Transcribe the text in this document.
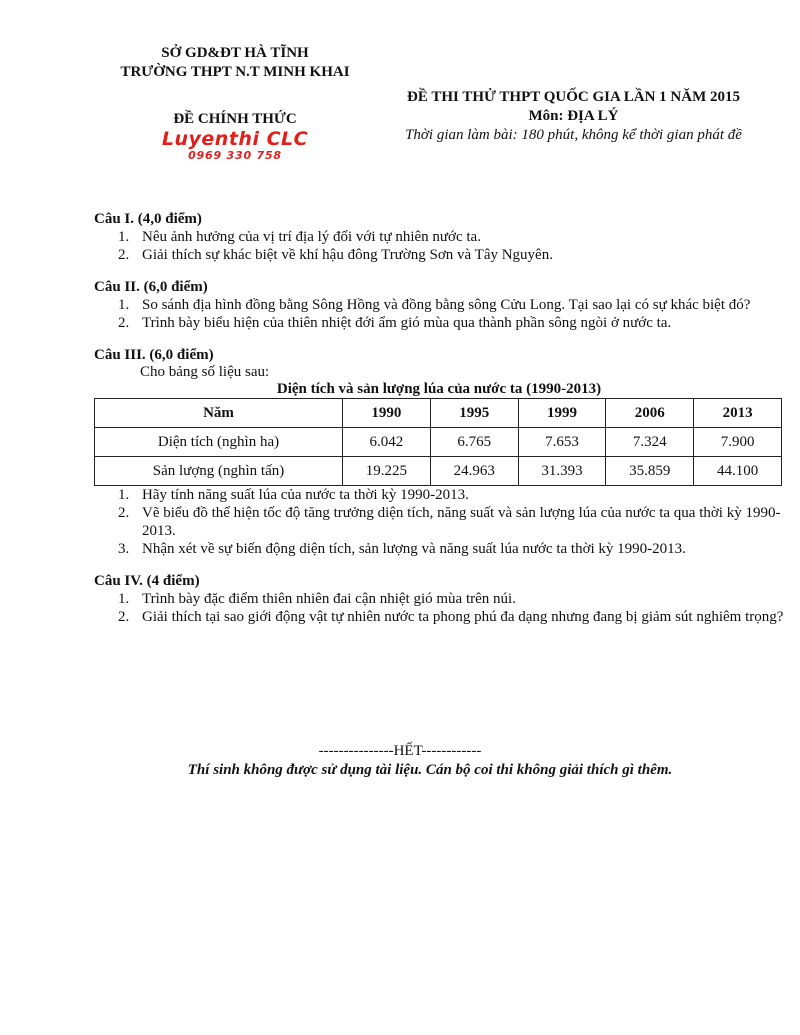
SỞ GD&ĐT HÀ TĨNH
TRƯỜNG THPT N.T MINH KHAI
ĐỀ CHÍNH THỨC
Luyenthi CLC
0969 330 758
ĐỀ THI THỬ THPT QUỐC GIA LẦN 1 NĂM 2015
Môn: ĐỊA LÝ
Thời gian làm bài: 180 phút, không kể thời gian phát đề
Câu I. (4,0 điểm)
1. Nêu ảnh hưởng của vị trí địa lý đối với tự nhiên nước ta.
2. Giải thích sự khác biệt về khí hậu đông Trường Sơn và Tây Nguyên.
Câu II. (6,0 điểm)
1. So sánh địa hình đồng bằng Sông Hồng và đồng bằng sông Cửu Long. Tại sao lại có sự khác biệt đó?
2. Trình bày biểu hiện của thiên nhiệt đới ẩm gió mùa qua thành phần sông ngòi ở nước ta.
Câu III. (6,0 điểm)
Cho bảng số liệu sau:
Diện tích và sản lượng lúa của nước ta (1990-2013)
Năm	1990	1995	1999	2006	2013
Diện tích (nghìn ha)	6.042	6.765	7.653	7.324	7.900
Sản lượng (nghìn tấn)	19.225	24.963	31.393	35.859	44.100
1. Hãy tính năng suất lúa của nước ta thời kỳ 1990-2013.
2. Vẽ biểu đồ thể hiện tốc độ tăng trưởng diện tích, năng suất và sản lượng lúa của nước ta qua thời kỳ 1990-2013.
3. Nhận xét về sự biến động diện tích, sản lượng và năng suất lúa nước ta thời kỳ 1990-2013.
Câu IV. (4 điểm)
1. Trình bày đặc điểm thiên nhiên đai cận nhiệt gió mùa trên núi.
2. Giải thích tại sao giới động vật tự nhiên nước ta phong phú đa dạng nhưng đang bị giảm sút nghiêm trọng?
---------------HẾT------------
Thí sinh không được sử dụng tài liệu. Cán bộ coi thi không giải thích gì thêm.
